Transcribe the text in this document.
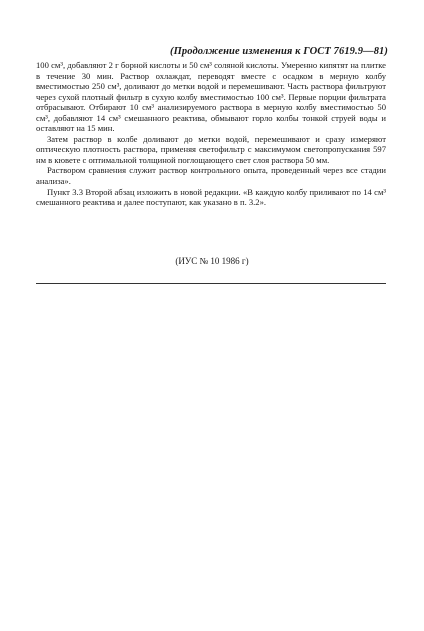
(Продолжение изменения к ГОСТ 7619.9—81)

100 см³, добавляют 2 г борной кислоты и 50 см³ соляной кислоты. Умеренно кипятят на плитке в течение 30 мин. Раствор охлаждат, переводят вместе с осадком в мерную колбу вместимостью 250 см³, доливают до метки водой и перемешивают. Часть раствора фильтруют через сухой плотный фильтр в сухую колбу вместимостью 100 см³. Первые порции фильтрата отбрасывают. Отбирают 10 см³ анализируемого раствора в мерную колбу вместимостью 50 см³, добавляют 14 см³ смешанного реактива, обмывают горло колбы тонкой струей воды и оставляют на 15 мин.

Затем раствор в колбе доливают до метки водой, перемешивают и сразу измеряют оптическую плотность раствора, применяя светофильтр с максимумом светопропускания 597 нм в кювете с оптимальной толщиной поглощающего свет слоя раствора 50 мм.

Раствором сравнения служит раствор контрольного опыта, проведенный через все стадии анализа».

Пункт 3.3 Второй абзац изложить в новой редакции. «В каждую колбу приливают по 14 см³ смешанного реактива и далее поступают, как указано в п. 3.2».

(ИУС № 10 1986 г)
